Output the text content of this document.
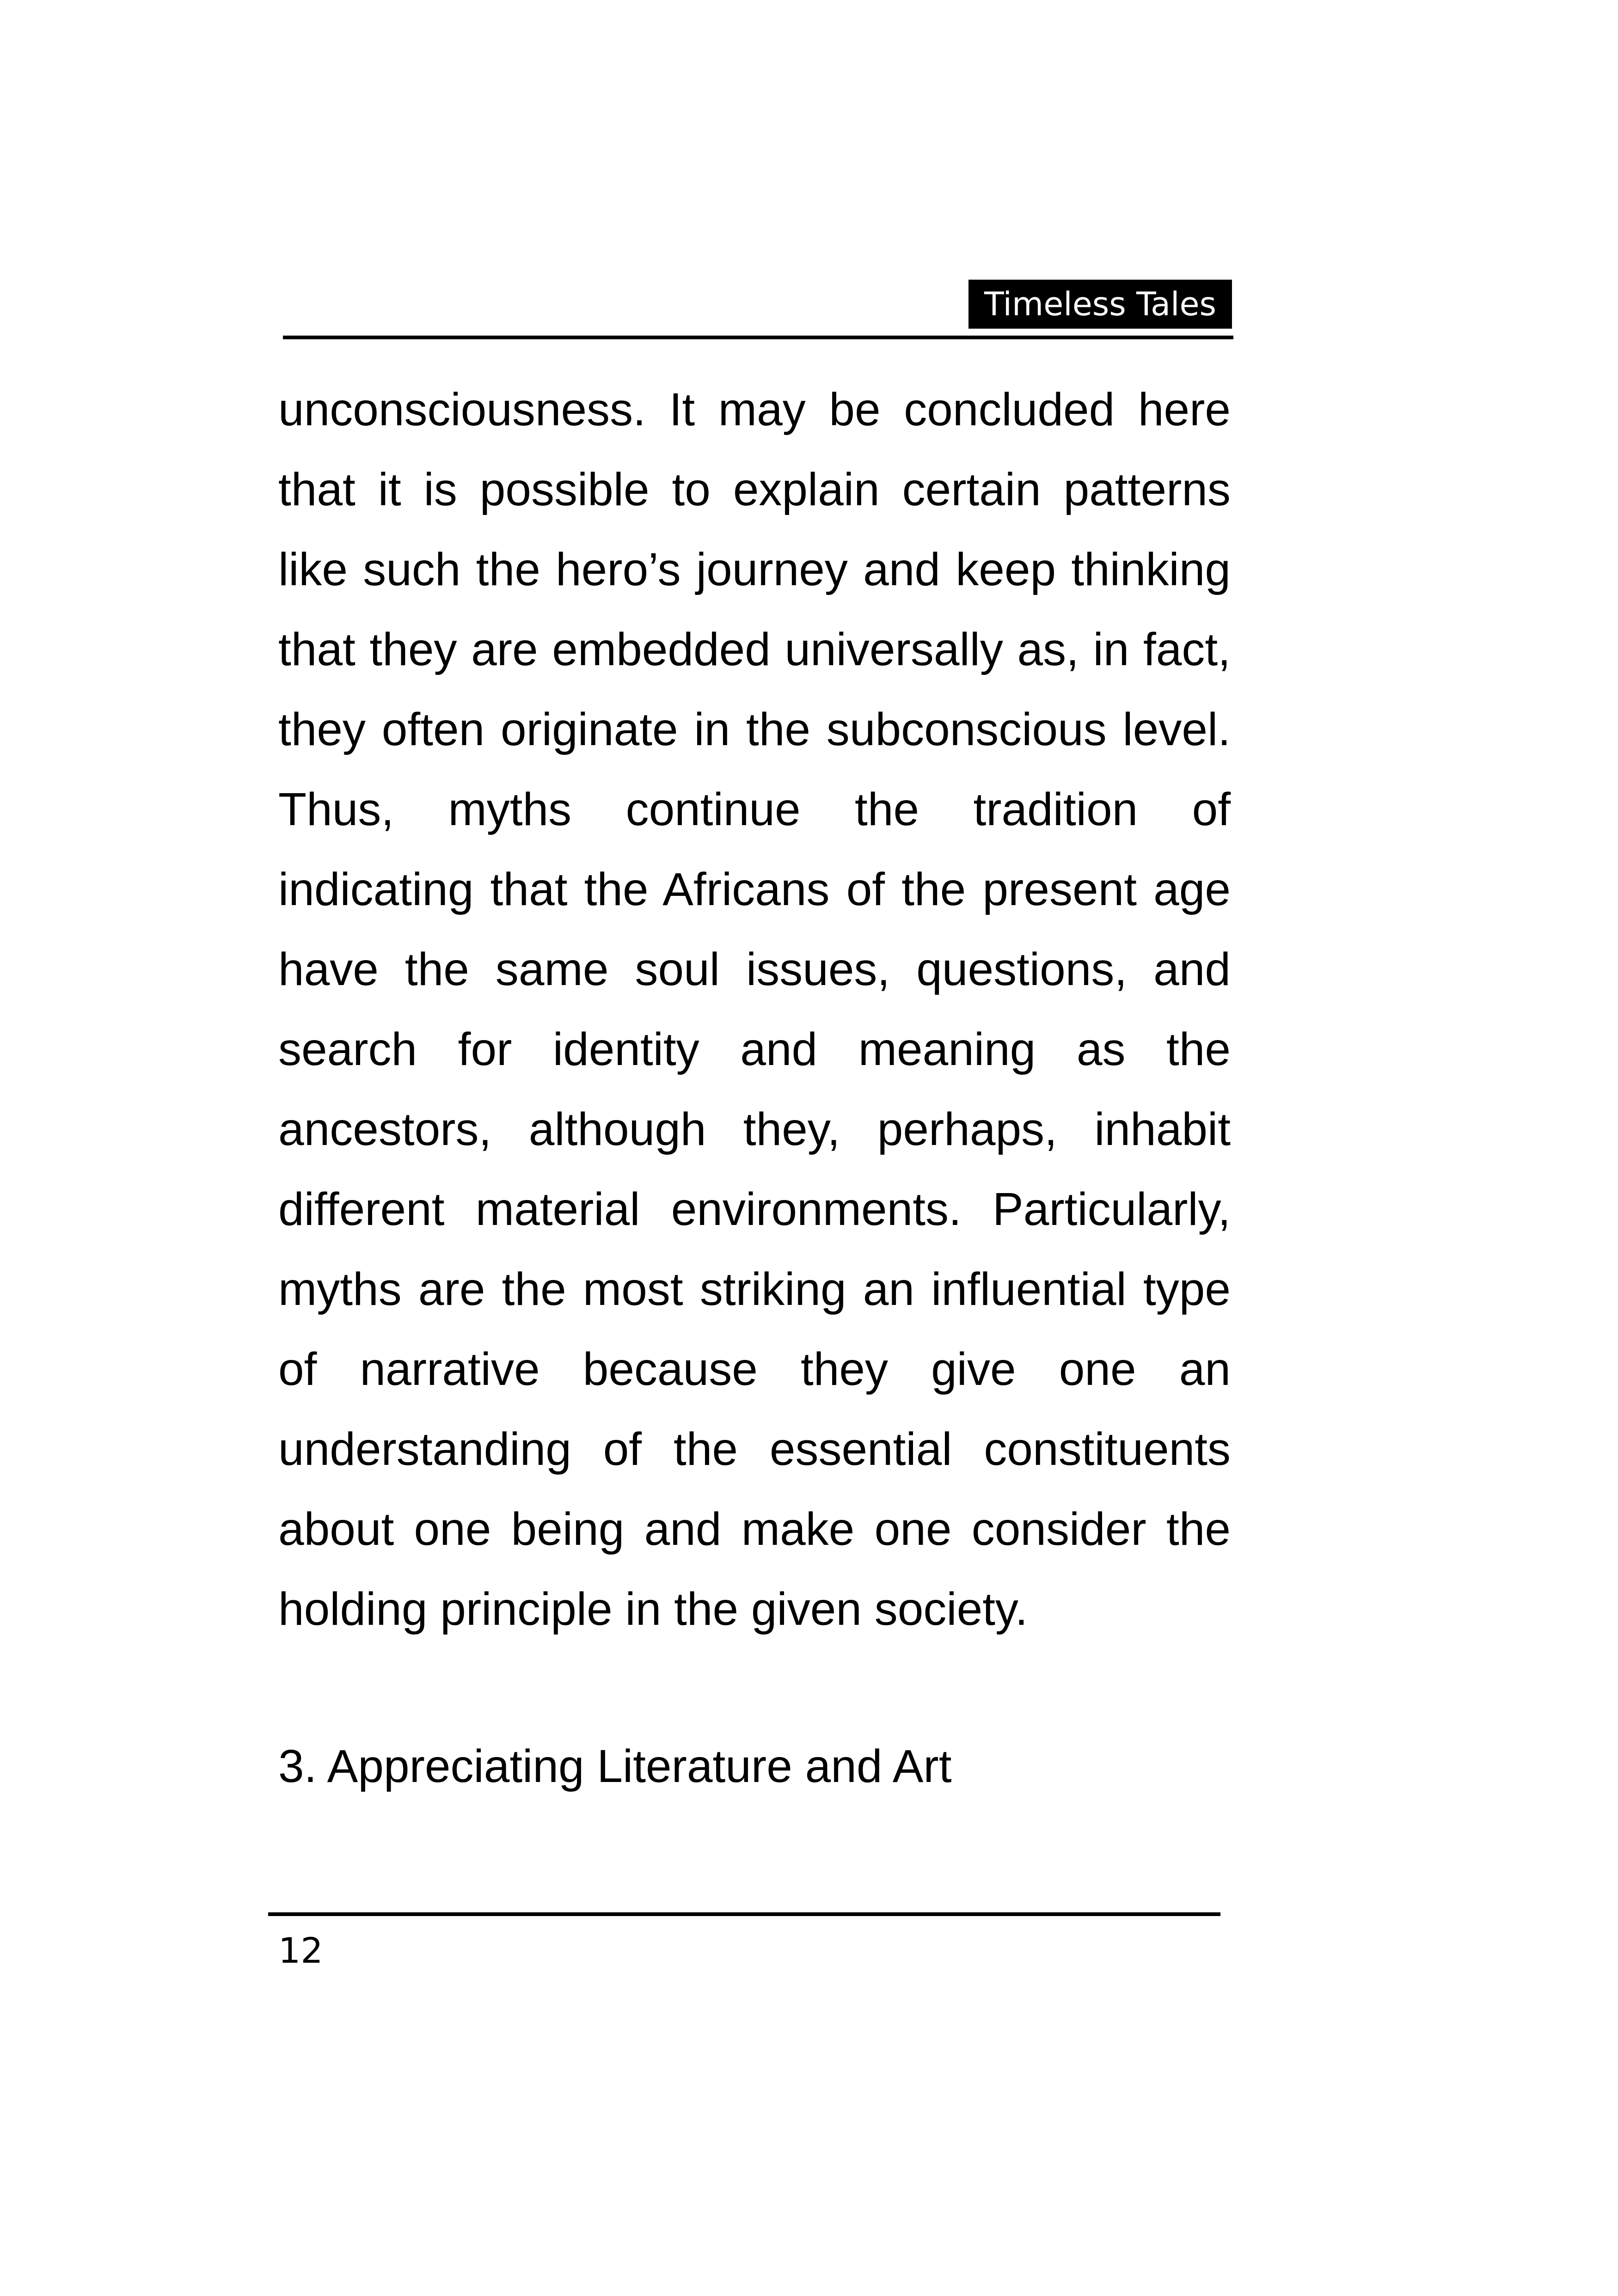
Timeless Tales

unconsciousness. It may be concluded here that it is possible to explain certain patterns like such the hero’s journey and keep thinking that they are embedded universally as, in fact, they often originate in the subconscious level. Thus, myths continue the tradition of indicating that the Africans of the present age have the same soul issues, questions, and search for identity and meaning as the ancestors, although they, perhaps, inhabit different material environments. Particularly, myths are the most striking an influential type of narrative because they give one an understanding of the essential constituents about one being and make one consider the holding principle in the given society.

3. Appreciating Literature and Art

12
